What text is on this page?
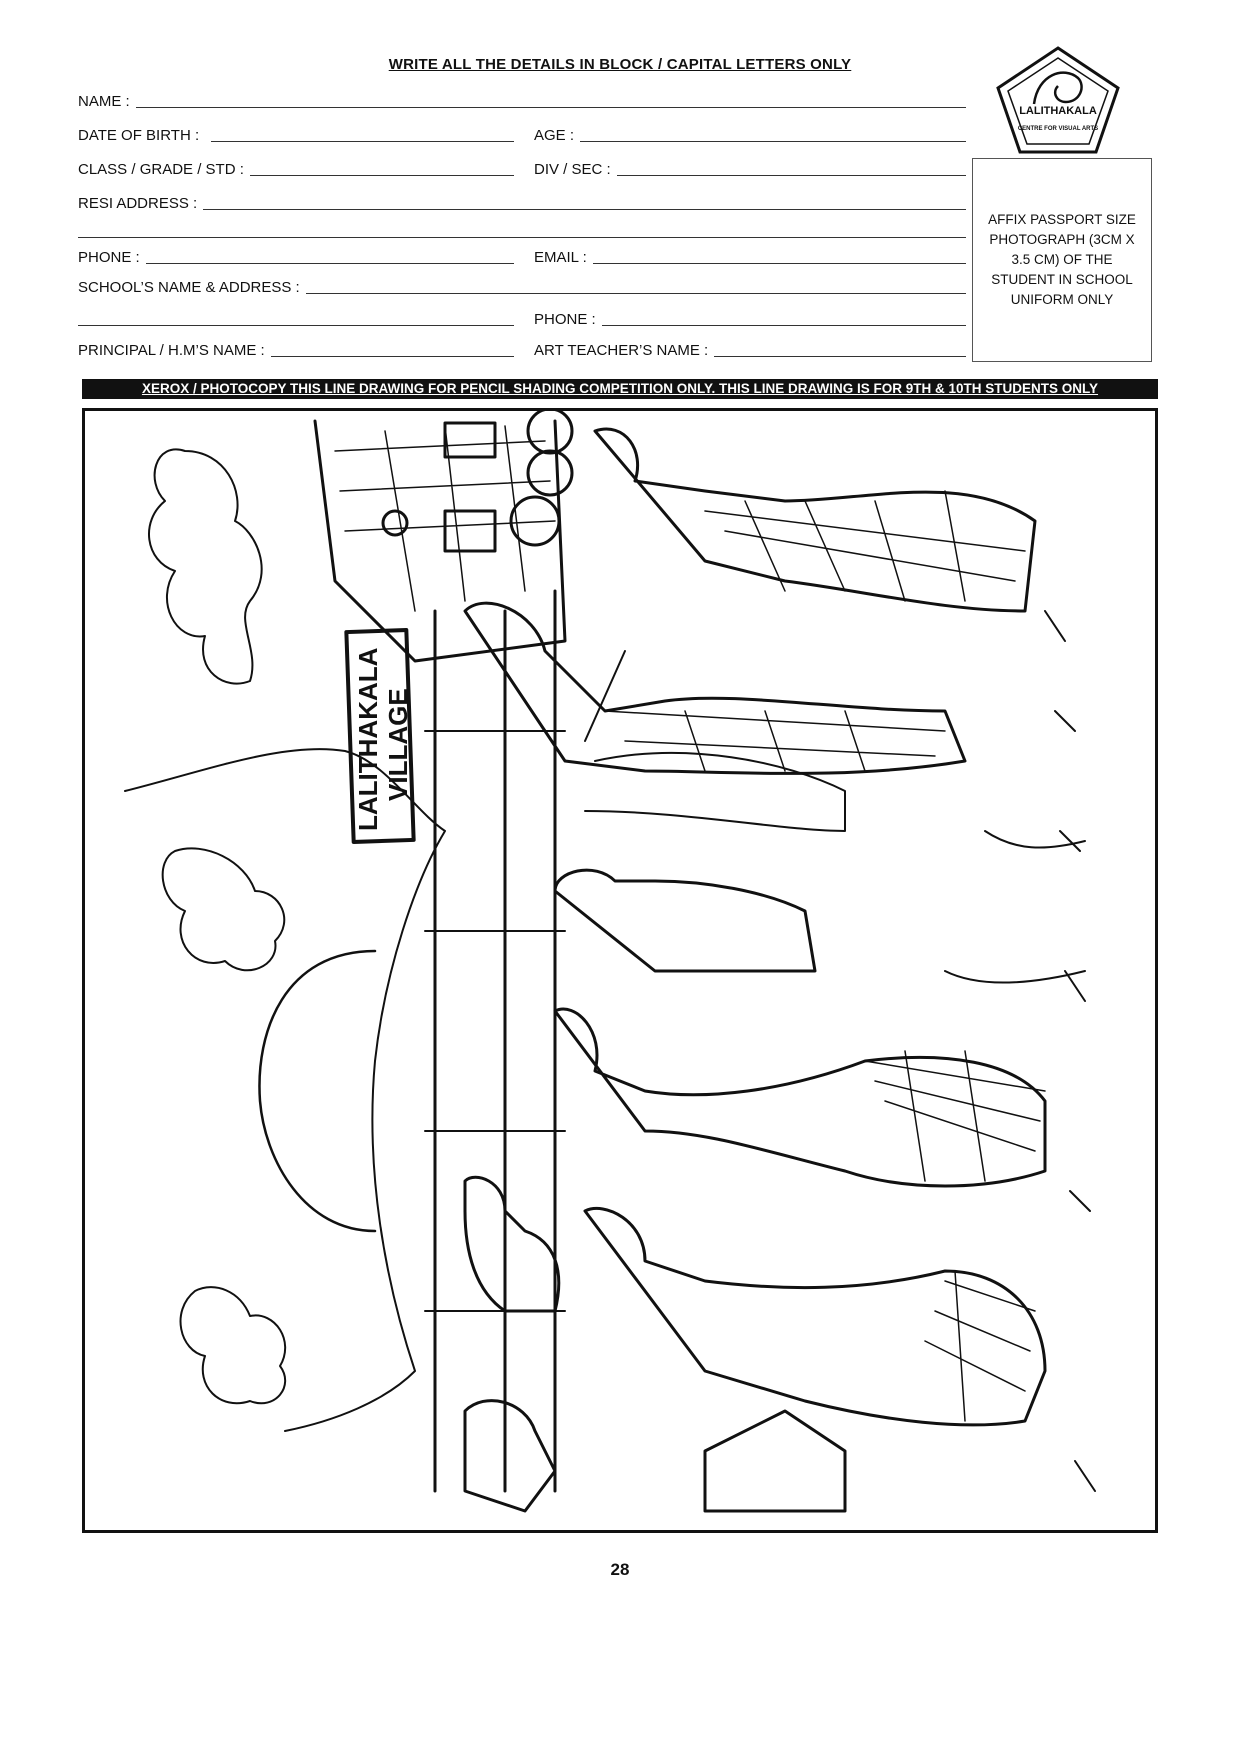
WRITE ALL THE DETAILS IN BLOCK / CAPITAL LETTERS ONLY
LALITHAKALA
CENTRE FOR VISUAL ARTS
NAME :
DATE OF BIRTH :	AGE :
CLASS / GRADE / STD :	DIV / SEC :
RESI ADDRESS :
PHONE :	EMAIL :
SCHOOL’S NAME & ADDRESS :
PHONE :
PRINCIPAL / H.M’S NAME :	ART TEACHER’S NAME :
AFFIX PASSPORT SIZE PHOTOGRAPH (3CM X 3.5 CM) OF THE STUDENT IN SCHOOL UNIFORM ONLY
XEROX / PHOTOCOPY THIS LINE DRAWING FOR PENCIL SHADING COMPETITION ONLY. THIS LINE DRAWING IS FOR 9TH & 10TH STUDENTS ONLY
LALITHAKALA VILLAGE
28
